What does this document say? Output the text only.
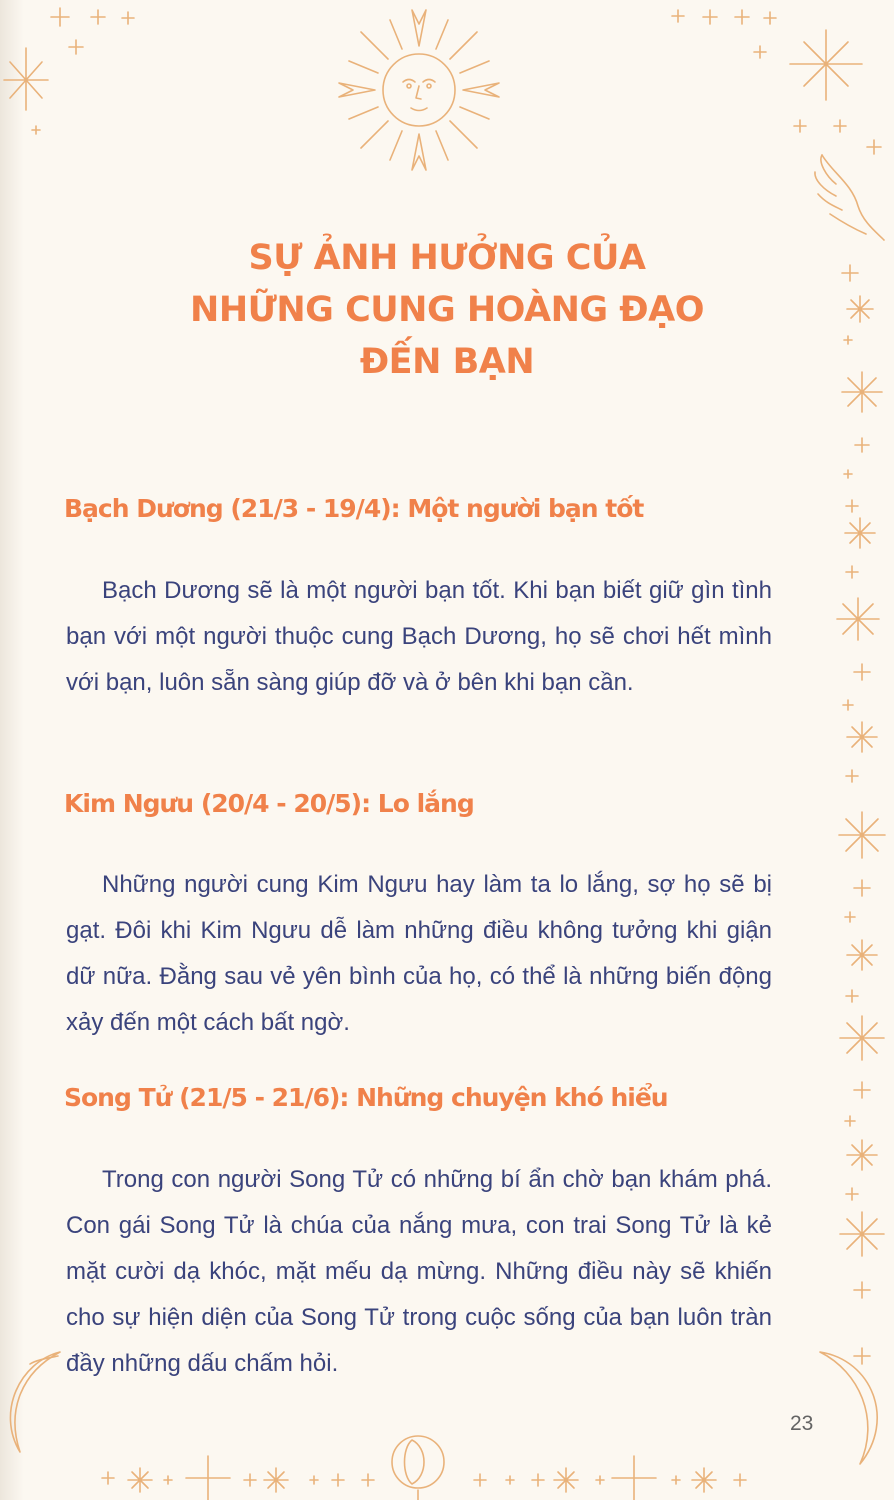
SỰ ẢNH HƯỞNG CỦA
NHỮNG CUNG HOÀNG ĐẠO
ĐẾN BẠN
Bạch Dương (21/3 - 19/4): Một người bạn tốt
Bạch Dương sẽ là một người bạn tốt. Khi bạn biết giữ gìn tình bạn với một người thuộc cung Bạch Dương, họ sẽ chơi hết mình với bạn, luôn sẵn sàng giúp đỡ và ở bên khi bạn cần.
Kim Ngưu (20/4 - 20/5): Lo lắng
Những người cung Kim Ngưu hay làm ta lo lắng, sợ họ sẽ bị gạt. Đôi khi Kim Ngưu dễ làm những điều không tưởng khi giận dữ nữa. Đằng sau vẻ yên bình của họ, có thể là những biến động xảy đến một cách bất ngờ.
Song Tử (21/5 - 21/6): Những chuyện khó hiểu
Trong con người Song Tử có những bí ẩn chờ bạn khám phá. Con gái Song Tử là chúa của nắng mưa, con trai Song Tử là kẻ mặt cười dạ khóc, mặt mếu dạ mừng. Những điều này sẽ khiến cho sự hiện diện của Song Tử trong cuộc sống của bạn luôn tràn đầy những dấu chấm hỏi.
23
